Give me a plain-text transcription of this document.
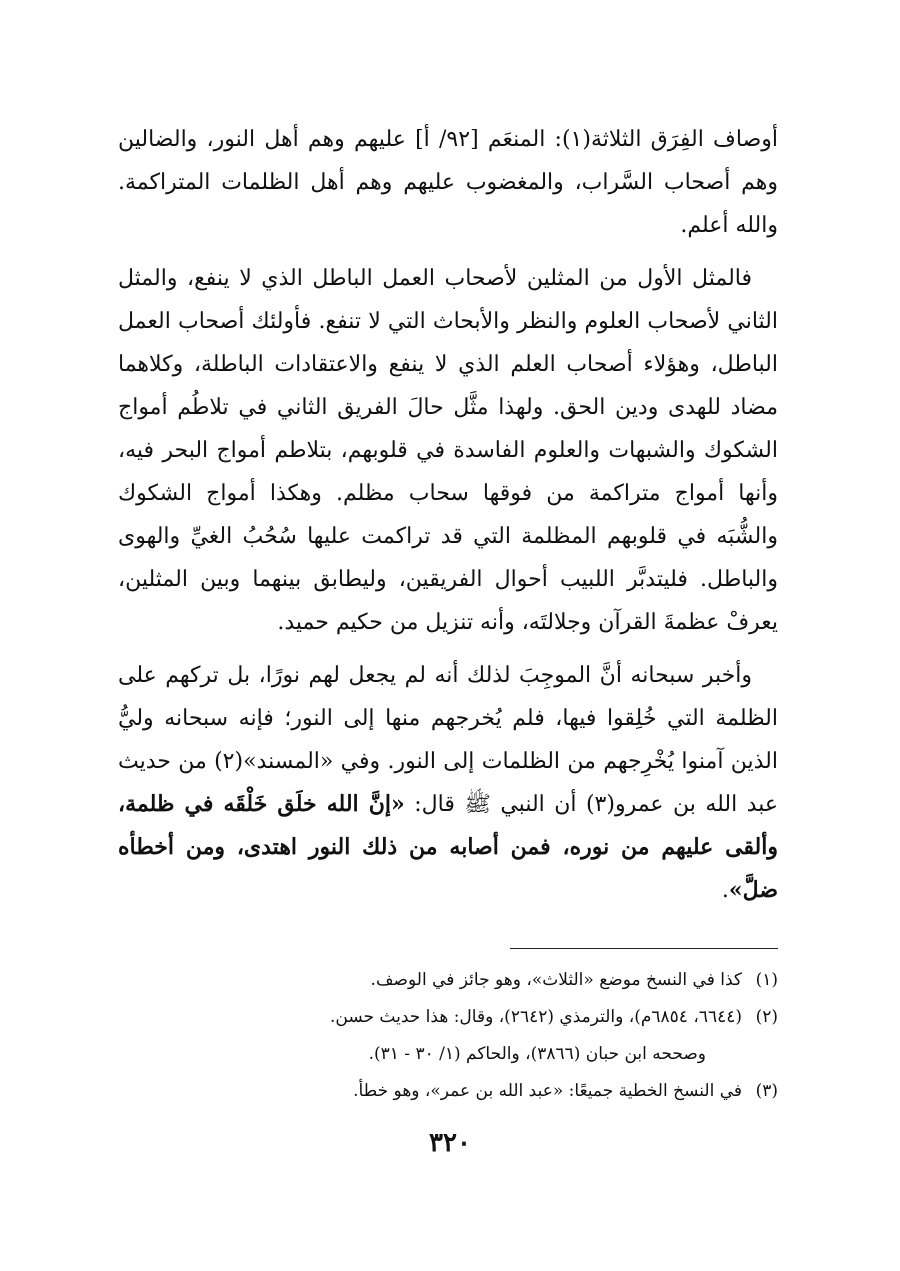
أوصاف الفِرَق الثلاثة(١): المنعَم [٩٢/ أ] عليهم وهم أهل النور، والضالين وهم أصحاب السَّراب، والمغضوب عليهم وهم أهل الظلمات المتراكمة. والله أعلم.

فالمثل الأول من المثلين لأصحاب العمل الباطل الذي لا ينفع، والمثل الثاني لأصحاب العلوم والنظر والأبحاث التي لا تنفع. فأولئك أصحاب العمل الباطل، وهؤلاء أصحاب العلم الذي لا ينفع والاعتقادات الباطلة، وكلاهما مضاد للهدى ودين الحق. ولهذا مثَّل حالَ الفريق الثاني في تلاطُم أمواج الشكوك والشبهات والعلوم الفاسدة في قلوبهم، بتلاطم أمواج البحر فيه، وأنها أمواج متراكمة من فوقها سحاب مظلم. وهكذا أمواج الشكوك والشُّبَه في قلوبهم المظلمة التي قد تراكمت عليها سُحُبُ الغيِّ والهوى والباطل. فليتدبَّر اللبيب أحوال الفريقين، وليطابق بينهما وبين المثلين، يعرفْ عظمةَ القرآن وجلالتَه، وأنه تنزيل من حكيم حميد.

وأخبر سبحانه أنَّ الموجِبَ لذلك أنه لم يجعل لهم نورًا، بل تركهم على الظلمة التي خُلِقوا فيها، فلم يُخرجهم منها إلى النور؛ فإنه سبحانه وليُّ الذين آمنوا يُخْرِجهم من الظلمات إلى النور. وفي «المسند»(٢) من حديث عبد الله بن عمرو(٣) أن النبي ﷺ قال: «إنَّ الله خلَق خَلْقَه في ظلمة، وألقى عليهم من نوره، فمن أصابه من ذلك النور اهتدى، ومن أخطأه ضلَّ».

(١)كذا في النسخ موضع «الثلاث»، وهو جائز في الوصف.
(٢)(٦٦٤٤، ٦٨٥٤م)، والترمذي (٢٦٤٢)، وقال: هذا حديث حسن.
وصححه ابن حبان (٣٨٦٦)، والحاكم (١/ ٣٠ - ٣١).
(٣)في النسخ الخطية جميعًا: «عبد الله بن عمر»، وهو خطأ.
٣٢٠
